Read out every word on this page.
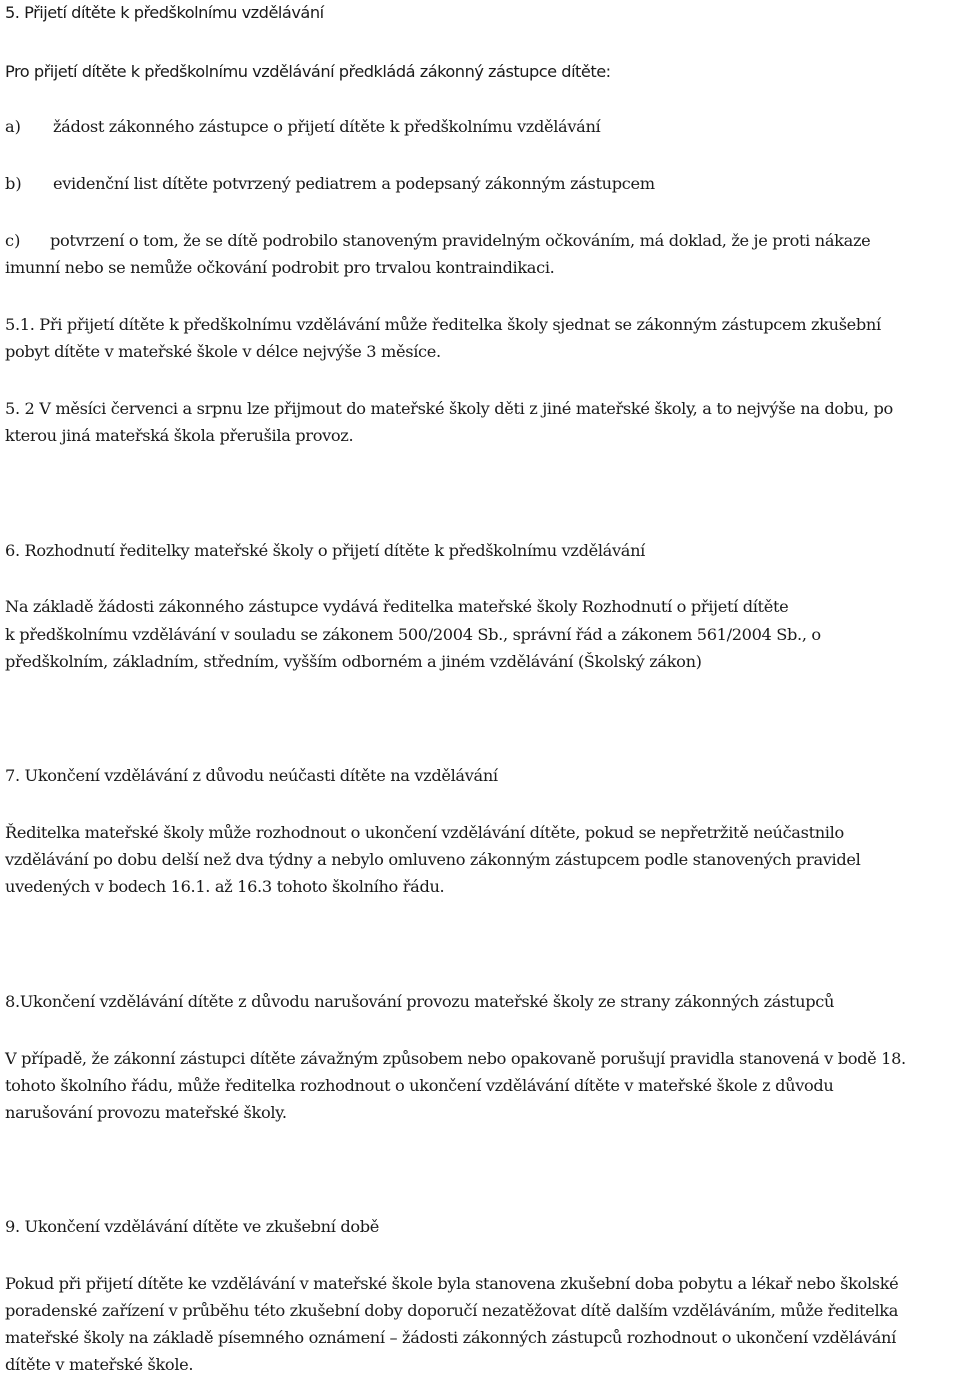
5. Přijetí dítěte k předškolnímu vzdělávání
Pro přijetí dítěte k předškolnímu vzdělávání předkládá zákonný zástupce dítěte:
a) žádost zákonného zástupce o přijetí dítěte k předškolnímu vzdělávání
b) evidenční list dítěte potvrzený pediatrem a podepsaný zákonným zástupcem
c) potvrzení o tom, že se dítě podrobilo stanoveným pravidelným očkováním, má doklad, že je proti nákaze
imunní nebo se nemůže očkování podrobit pro trvalou kontraindikaci.
5.1. Při přijetí dítěte k předškolnímu vzdělávání může ředitelka školy sjednat se zákonným zástupcem zkušební
pobyt dítěte v mateřské škole v délce nejvýše 3 měsíce.
5. 2 V měsíci červenci a srpnu lze přijmout do mateřské školy děti z jiné mateřské školy, a to nejvýše na dobu, po
kterou jiná mateřská škola přerušila provoz.
6. Rozhodnutí ředitelky mateřské školy o přijetí dítěte k předškolnímu vzdělávání
Na základě žádosti zákonného zástupce vydává ředitelka mateřské školy Rozhodnutí o přijetí dítěte
k předškolnímu vzdělávání v souladu se zákonem 500/2004 Sb., správní řád a zákonem 561/2004 Sb., o
předškolním, základním, středním, vyšším odborném a jiném vzdělávání (Školský zákon)
7. Ukončení vzdělávání z důvodu neúčasti dítěte na vzdělávání
Ředitelka mateřské školy může rozhodnout o ukončení vzdělávání dítěte, pokud se nepřetržitě neúčastnilo
vzdělávání po dobu delší než dva týdny a nebylo omluveno zákonným zástupcem podle stanovených pravidel
uvedených v bodech 16.1. až 16.3 tohoto školního řádu.
8.Ukončení vzdělávání dítěte z důvodu narušování provozu mateřské školy ze strany zákonných zástupců
V případě, že zákonní zástupci dítěte závažným způsobem nebo opakovaně porušují pravidla stanovená v bodě 18.
tohoto školního řádu, může ředitelka rozhodnout o ukončení vzdělávání dítěte v mateřské škole z důvodu
narušování provozu mateřské školy.
9. Ukončení vzdělávání dítěte ve zkušební době
Pokud při přijetí dítěte ke vzdělávání v mateřské škole byla stanovena zkušební doba pobytu a lékař nebo školské
poradenské zařízení v průběhu této zkušební doby doporučí nezatěžovat dítě dalším vzděláváním, může ředitelka
mateřské školy na základě písemného oznámení – žádosti zákonných zástupců rozhodnout o ukončení vzdělávání
dítěte v mateřské škole.
